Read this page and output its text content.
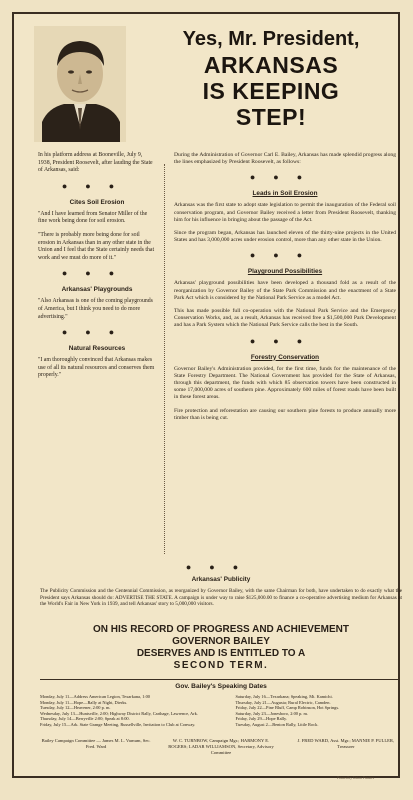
Yes, Mr. President,
ARKANSAS
IS KEEPING
STEP!

In his platform address at Booneville, July 9, 1938, President Roosevelt, after lauding the State of Arkansas, said:

●●●
Cites Soil Erosion

"And I have learned from Senator Miller of the fine work being done for soil erosion.

"There is probably more being done for soil erosion in Arkansas than in any other state in the Union and I feel that the State certainly needs that work and we must do more of it."

●●●
Arkansas' Playgrounds

"Also Arkansas is one of the coming playgrounds of America, but I think you need to do more advertising."

●●●
Natural Resources

"I am thoroughly convinced that Arkansas makes use of all its natural resources and conserves them properly."

During the Administration of Governor Carl E. Bailey, Arkansas has made splendid progress along the lines emphasized by President Roosevelt, as follows:

●●●
Leads in Soil Erosion

Arkansas was the first state to adopt state legislation to permit the inauguration of the Federal soil conservation program, and Governor Bailey received a letter from President Roosevelt, thanking him for his influence in bringing about the passage of the Act.

Since the program began, Arkansas has launched eleven of the thirty-nine projects in the United States and has 3,000,000 acres under erosion control, more than any other state in the Union.

●●●
Playground Possibilities

Arkansas' playground possibilities have been developed a thousand fold as a result of the reorganization by Governor Bailey of the State Park Commission and the enactment of a State Park Act which is considered by the National Park Service as a model Act.

This has made possible full co-operation with the National Park Service and the Emergency Conservation Works, and, as a result, Arkansas has received free a $1,500,000 Park Development and has a Park System which the National Park Service calls the best in the South.

●●●
Forestry Conservation

Governor Bailey's Administration provided, for the first time, funds for the maintenance of the State Forestry Department. The National Government has provided for the State of Arkansas, through this department, the funds with which 85 observation towers have been constructed in some 17,000,000 acres of southern pine. Approximately 600 miles of forest roads have been built in these forest areas.

Fire protection and reforestation are causing our southern pine forests to produce annually more timber than is being cut.

●●●
Arkansas' Publicity

The Publicity Commission and the Centennial Commission, as reorganized by Governor Bailey, with the same Chairman for both, have undertaken to do exactly what the President says Arkansas should do: ADVERTISE THE STATE. A campaign is under way to raise $125,000.00 to finance a co-operative advertising medium for Arkansas at the World's Fair in New York in 1939, and tell Arkansas' story to 5,000,000 visitors.

ON HIS RECORD OF PROGRESS AND ACHIEVEMENT
GOVERNOR BAILEY
DESERVES AND IS ENTITLED TO A
SECOND TERM.
Gov. Bailey's Speaking Dates
Monday, July 11—Address American Legion, Texarkana, 1:00
Monday, July 11—Hope—Rally at Night, Dierks.
Tuesday, July 12—Heavener, 2:00 p. m.
Wednesday, July 13—Huntsville, 2:00; Highway District Rally, Carthage, Lawrence, Ark.
Thursday, July 14—Berryville 2:00; Speak at 8:00.
Friday, July 15—Ark. State Grange Meeting, Russellville, Invitation to Club at Conway.
Saturday, July 16—Texarkana; Speaking, Mt. Kamichi.
Thursday, July 21—Augusta; Rural Electric, Camden.
Friday, July 22—Pine Bluff, Camp Robinson, Hot Springs.
Saturday, July 23—Jonesboro, 2:00 p. m.
Friday, July 29—Hope Rally.
Tuesday, August 2—Benton Rally, Little Rock.
Bailey Campaign Committee — James M. L. Varnum, Sec. Fred. Ward
W. C. TURNBOW, Campaign Mgr.; HARMONY E. ROGERS; LADAR WILLIAMSON, Secretary, Advisory Committee
J. FRED WARD, Asst. Mgr.; MANNIE P. FULLER, Treasurer
Printed by Union Printers
